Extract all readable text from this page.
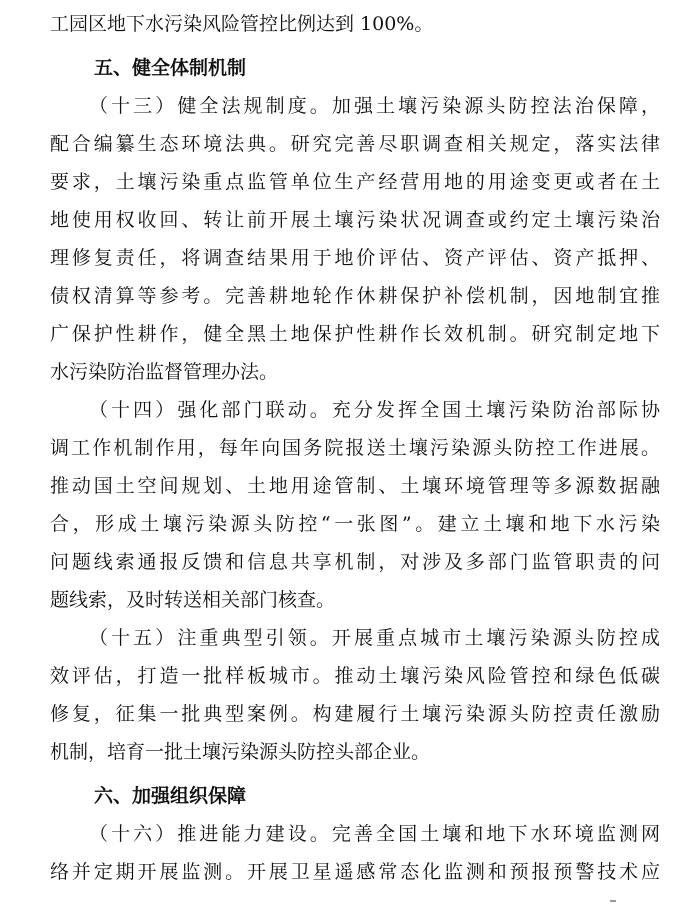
工园区地下水污染风险管控比例达到 100%。
五、健全体制机制
（十三）健全法规制度。加强土壤污染源头防控法治保障，
配合编纂生态环境法典。研究完善尽职调查相关规定，落实法律
要求，土壤污染重点监管单位生产经营用地的用途变更或者在土
地使用权收回、转让前开展土壤污染状况调查或约定土壤污染治
理修复责任，将调查结果用于地价评估、资产评估、资产抵押、
债权清算等参考。完善耕地轮作休耕保护补偿机制，因地制宜推
广保护性耕作，健全黑土地保护性耕作长效机制。研究制定地下
水污染防治监督管理办法。
（十四）强化部门联动。充分发挥全国土壤污染防治部际协
调工作机制作用，每年向国务院报送土壤污染源头防控工作进展。
推动国土空间规划、土地用途管制、土壤环境管理等多源数据融
合，形成土壤污染源头防控“一张图”。建立土壤和地下水污染
问题线索通报反馈和信息共享机制，对涉及多部门监管职责的问
题线索，及时转送相关部门核查。
（十五）注重典型引领。开展重点城市土壤污染源头防控成
效评估，打造一批样板城市。推动土壤污染风险管控和绿色低碳
修复，征集一批典型案例。构建履行土壤污染源头防控责任激励
机制，培育一批土壤污染源头防控头部企业。
六、加强组织保障
（十六）推进能力建设。完善全国土壤和地下水环境监测网
络并定期开展监测。开展卫星遥感常态化监测和预报预警技术应
